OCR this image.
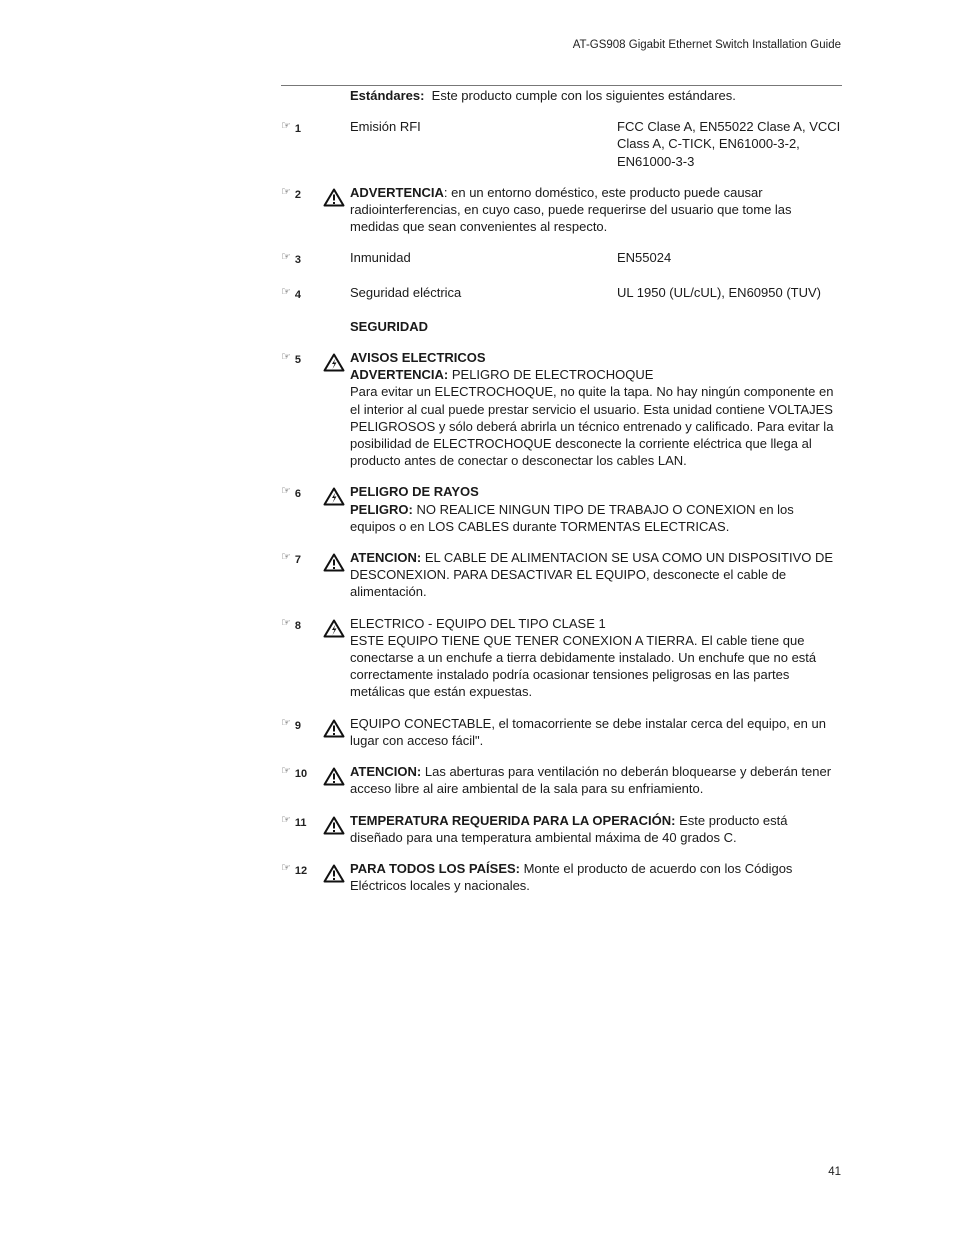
AT-GS908 Gigabit Ethernet Switch Installation Guide
Estándares: Este producto cumple con los siguientes estándares.
☞ 1	Emisión RFI	FCC Clase A, EN55022 Clase A, VCCI Class A, C-TICK, EN61000-3-2, EN61000-3-3
☞ 2	ADVERTENCIA: en un entorno doméstico, este producto puede causar radiointerferencias, en cuyo caso, puede requerirse del usuario que tome las medidas que sean convenientes al respecto.
☞ 3	Inmunidad	EN55024
☞ 4	Seguridad eléctrica	UL 1950 (UL/cUL), EN60950 (TUV)
SEGURIDAD
☞ 5	AVISOS ELECTRICOS
ADVERTENCIA: PELIGRO DE ELECTROCHOQUE
Para evitar un ELECTROCHOQUE, no quite la tapa. No hay ningún componente en el interior al cual puede prestar servicio el usuario. Esta unidad contiene VOLTAJES PELIGROSOS y sólo deberá abrirla un técnico entrenado y calificado. Para evitar la posibilidad de ELECTROCHOQUE desconecte la corriente eléctrica que llega al producto antes de conectar o desconectar los cables LAN.
☞ 6	PELIGRO DE RAYOS
PELIGRO: NO REALICE NINGUN TIPO DE TRABAJO O CONEXION en los equipos o en LOS CABLES durante TORMENTAS ELECTRICAS.
☞ 7	ATENCION: EL CABLE DE ALIMENTACION SE USA COMO UN DISPOSITIVO DE DESCONEXION. PARA DESACTIVAR EL EQUIPO, desconecte el cable de alimentación.
☞ 8	ELECTRICO - EQUIPO DEL TIPO CLASE 1
ESTE EQUIPO TIENE QUE TENER CONEXION A TIERRA. El cable tiene que conectarse a un enchufe a tierra debidamente instalado. Un enchufe que no está correctamente instalado podría ocasionar tensiones peligrosas en las partes metálicas que están expuestas.
☞ 9	EQUIPO CONECTABLE, el tomacorriente se debe instalar cerca del equipo, en un lugar con acceso fácil".
☞ 10	ATENCION: Las aberturas para ventilación no deberán bloquearse y deberán tener acceso libre al aire ambiental de la sala para su enfriamiento.
☞ 11	TEMPERATURA REQUERIDA PARA LA OPERACIÓN: Este producto está diseñado para una temperatura ambiental máxima de 40 grados C.
☞ 12	PARA TODOS LOS PAÍSES: Monte el producto de acuerdo con los Códigos Eléctricos locales y nacionales.
41
